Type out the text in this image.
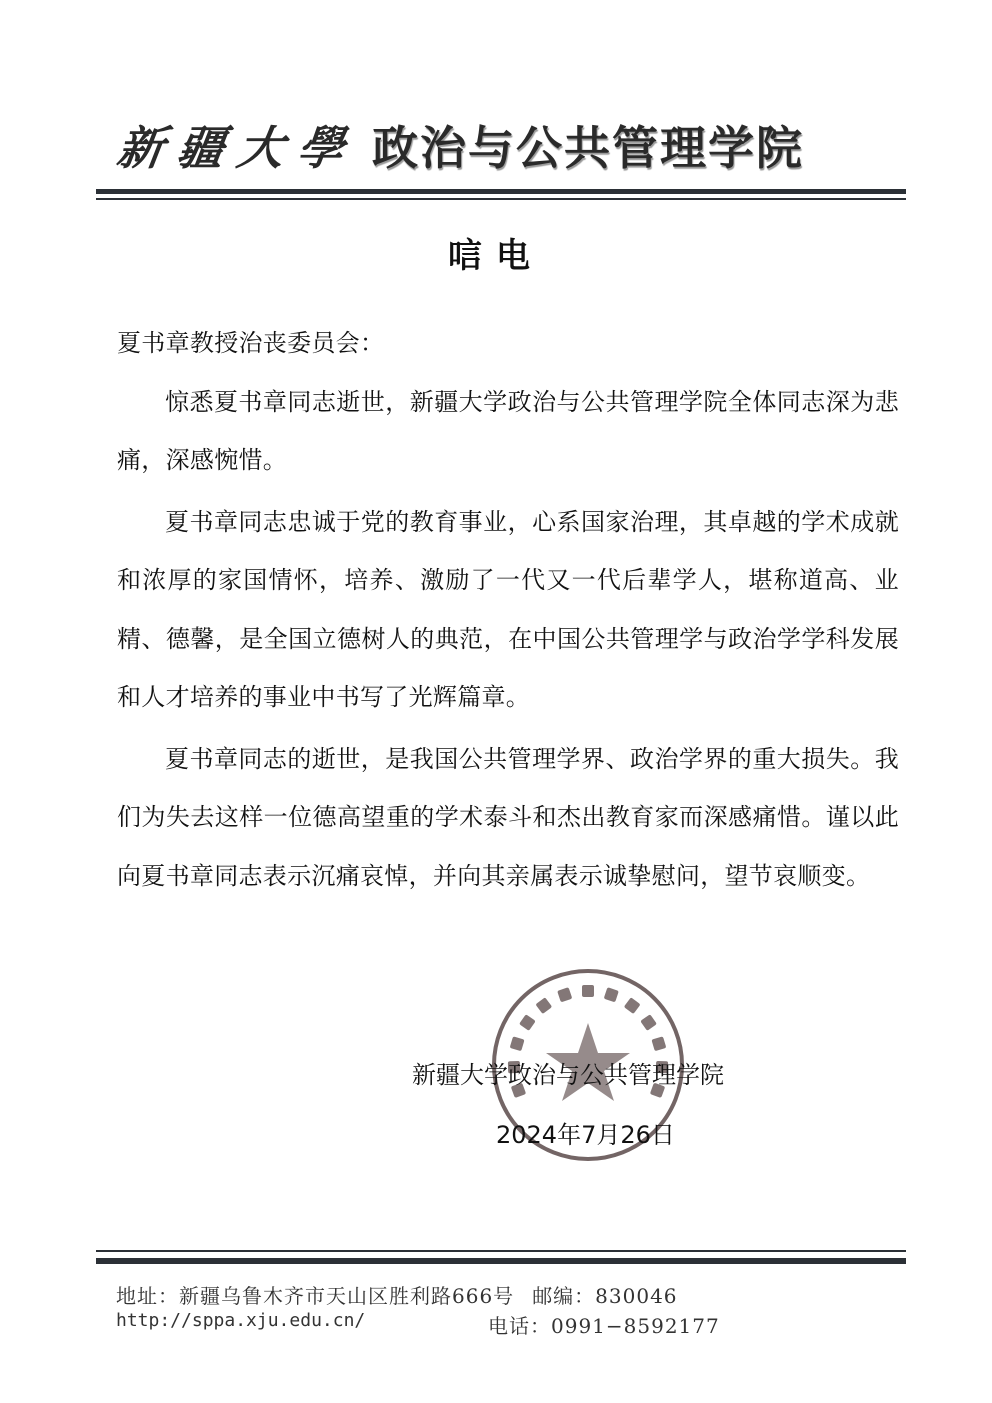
新疆大學 政治与公共管理学院
唁电

夏书章教授治丧委员会：

惊悉夏书章同志逝世，新疆大学政治与公共管理学院全体同志深为悲痛，深感惋惜。

夏书章同志忠诚于党的教育事业，心系国家治理，其卓越的学术成就和浓厚的家国情怀，培养、激励了一代又一代后辈学人，堪称道高、业精、德馨，是全国立德树人的典范，在中国公共管理学与政治学学科发展和人才培养的事业中书写了光辉篇章。

夏书章同志的逝世，是我国公共管理学界、政治学界的重大损失。我们为失去这样一位德高望重的学术泰斗和杰出教育家而深感痛惜。谨以此向夏书章同志表示沉痛哀悼，并向其亲属表示诚挚慰问，望节哀顺变。

新疆大学政治与公共管理学院
2024年7月26日
地址：新疆乌鲁木齐市天山区胜利路666号 邮编：830046
http://sppa.xju.edu.cn/	电话：0991−8592177
